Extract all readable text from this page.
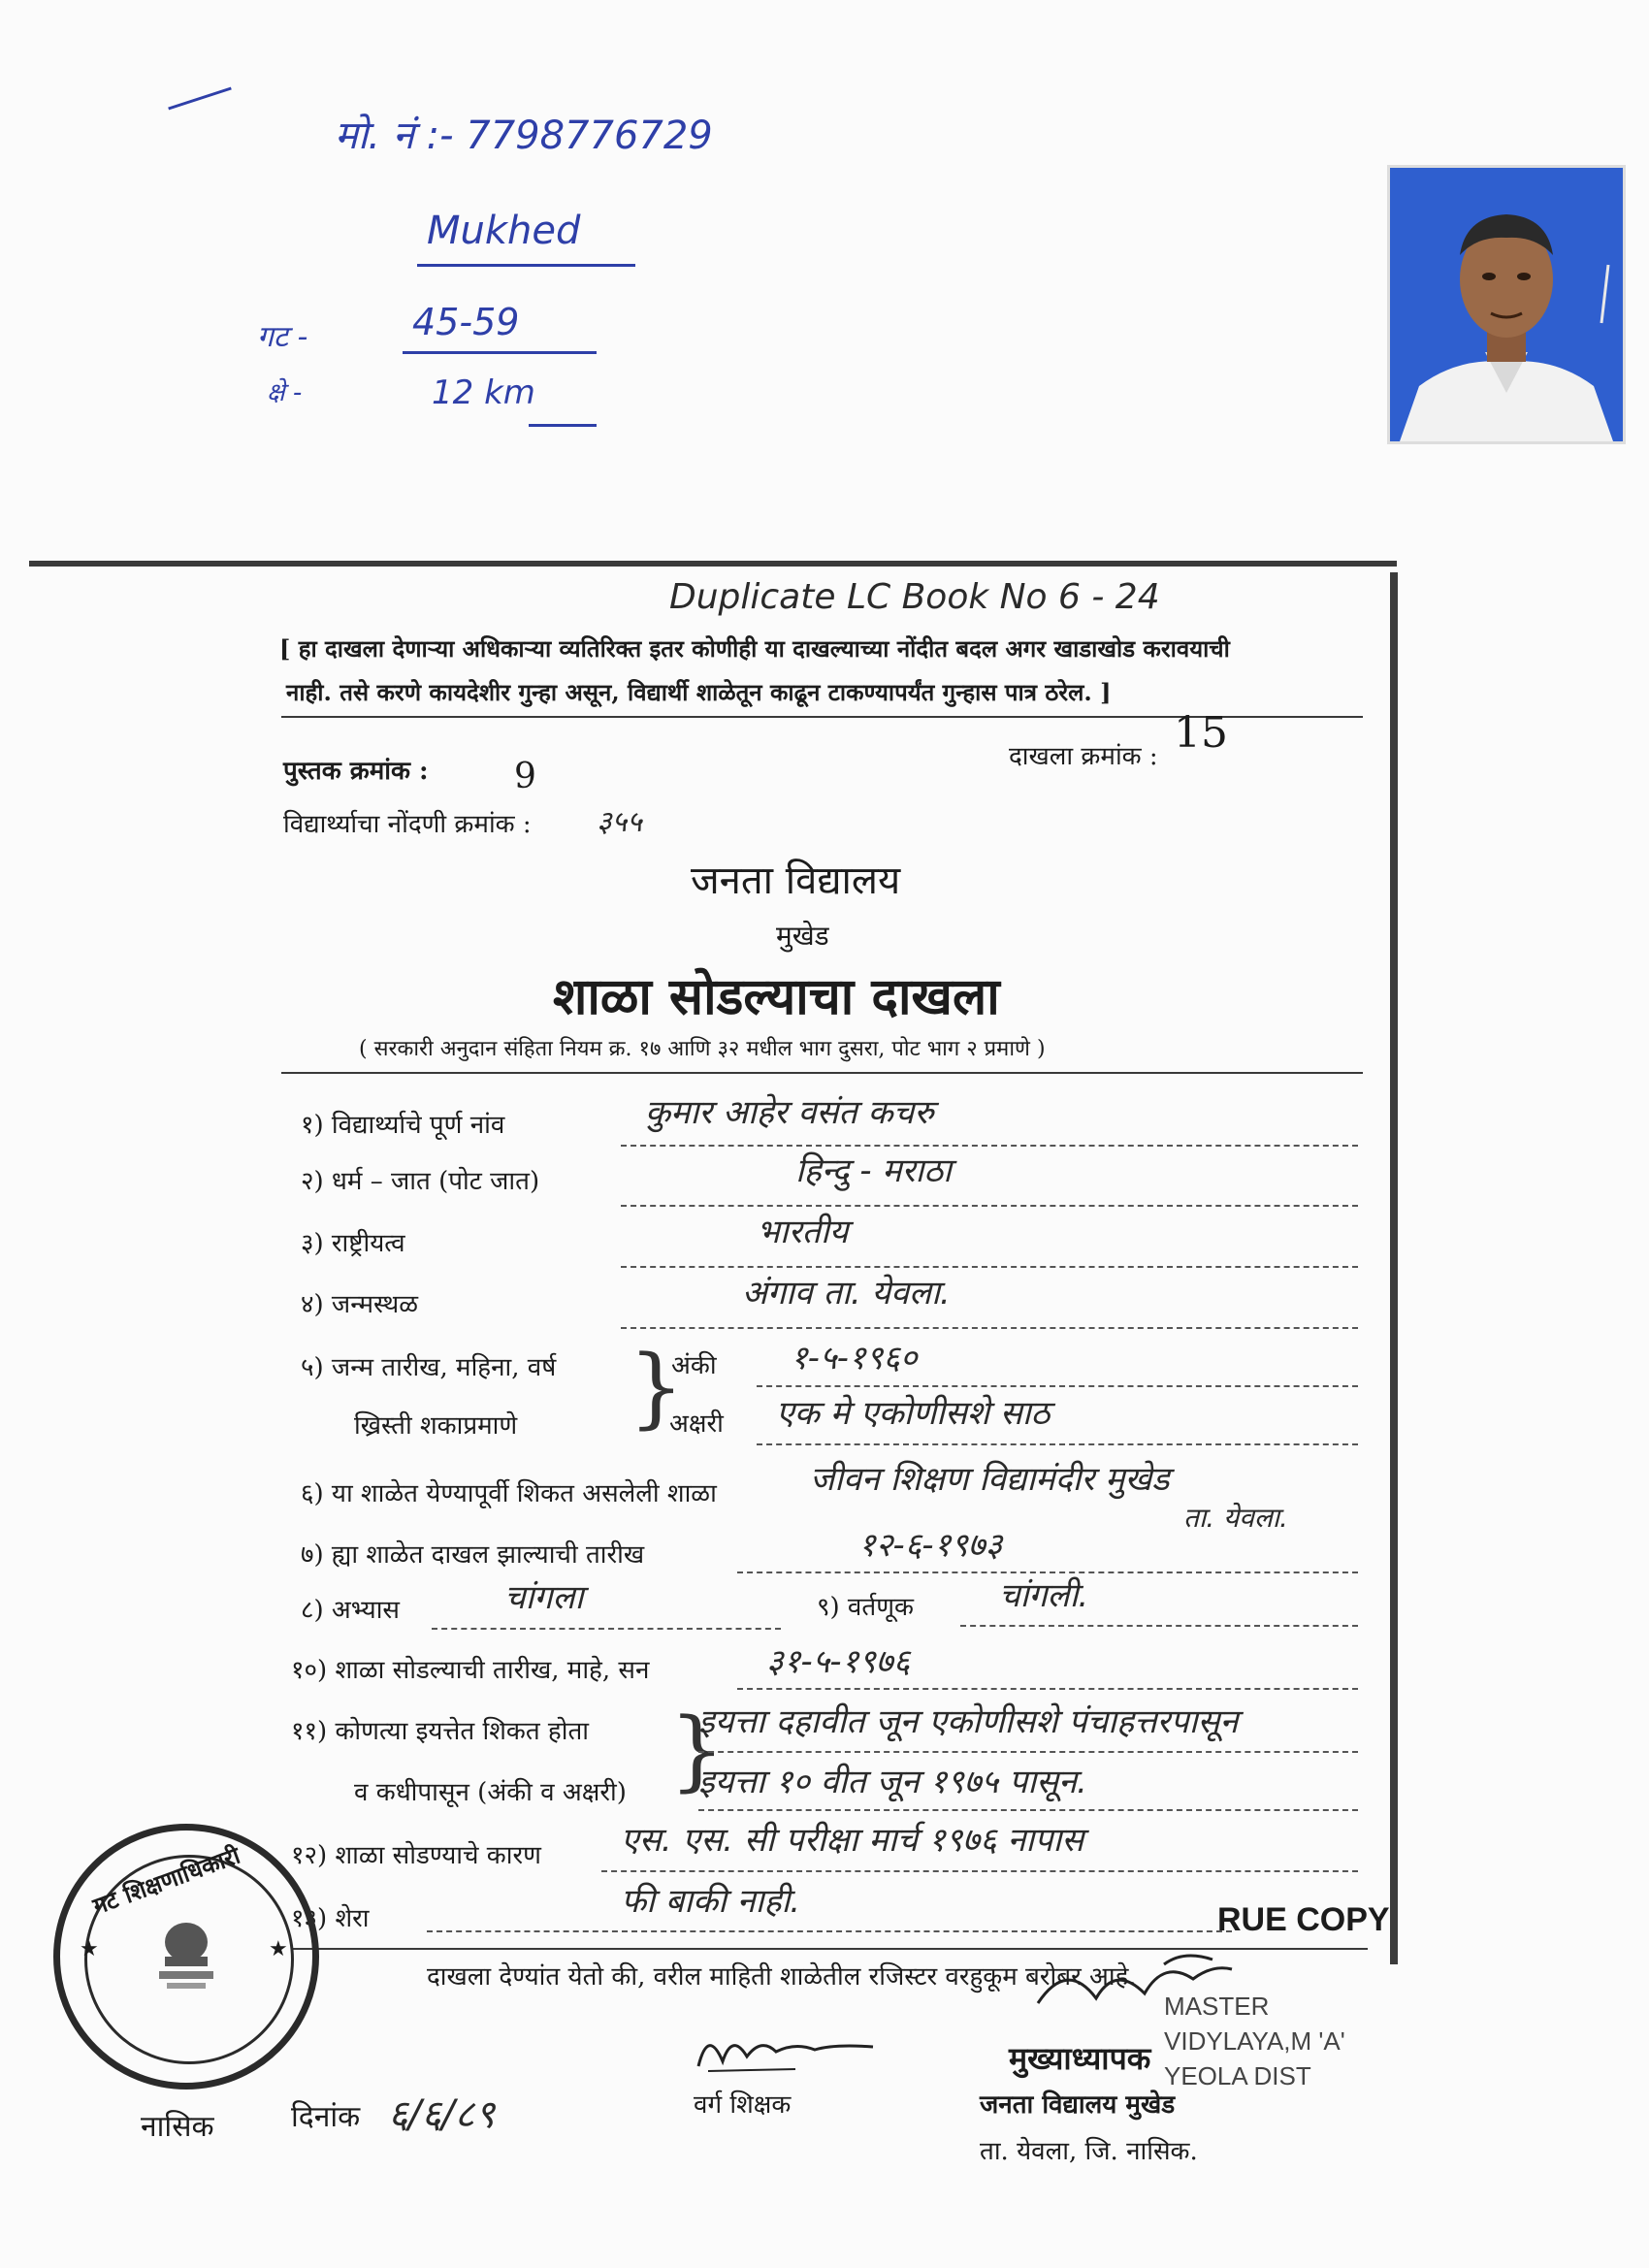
मो. नं :- 7798776729
Mukhed
गट -	45-59
क्षे -	12 km
Duplicate LC Book No 6 - 24
[ हा दाखला देणाऱ्या अधिकाऱ्या व्यतिरिक्त इतर कोणीही या दाखल्याच्या नोंदीत बदल अगर खाडाखोड करावयाची
नाही. तसे करणे कायदेशीर गुन्हा असून, विद्यार्थी शाळेतून काढून टाकण्यापर्यंत गुन्हास पात्र ठरेल. ]
पुस्तक क्रमांक : 9	दाखला क्रमांक : 15
विद्यार्थ्याचा नोंदणी क्रमांक : ३५५
जनता विद्यालय
मुखेड
शाळा सोडल्याचा दाखला
( सरकारी अनुदान संहिता नियम क्र. १७ आणि ३२ मधील भाग दुसरा, पोट भाग २ प्रमाणे )
१) विद्यार्थ्याचे पूर्ण नांव	कुमार आहेर वसंत कचरु
२) धर्म – जात (पोट जात)	हिन्दु - मराठा
३) राष्ट्रीयत्व	भारतीय
४) जन्मस्थळ	अंगाव ता. येवला.
५) जन्म तारीख, महिना, वर्ष
ख्रिस्ती शकाप्रमाणे }
अंकी १-५-१९६०
अक्षरी एक मे एकोणीसशे साठ
६) या शाळेत येण्यापूर्वी शिकत असलेली शाळा	जीवन शिक्षण विद्यामंदीर मुखेड
ता. येवला.
७) ह्या शाळेत दाखल झाल्याची तारीख	१२-६-१९७३
८) अभ्यास	चांगला	९) वर्तणूक	चांगली.
१०) शाळा सोडल्याची तारीख, माहे, सन	३१-५-१९७६
११) कोणत्या इयत्तेत शिकत होता
व कधीपासून (अंकी व अक्षरी) }
इयत्ता दहावीत जून एकोणीसशे पंचाहत्तरपासून
इयत्ता १० वीत जून १९७५ पासून.
१२) शाळा सोडण्याचे कारण एस. एस. सी परीक्षा मार्च १९७६ नापास
१३) शेरा	फी बाकी नाही.	RUE COPY
दाखला देण्यांत येतो की, वरील माहिती शाळेतील रजिस्टर वरहुकूम बरोबर आहे.
गट शिक्षणाधिकारी
★	★
नासिक	दिनांक ६/६/८९	वर्ग शिक्षक
MASTER VIDYLAYA,M 'A' YEOLA DIST
मुख्याध्यापक
जनता विद्यालय मुखेड
ता. येवला, जि. नासिक.
